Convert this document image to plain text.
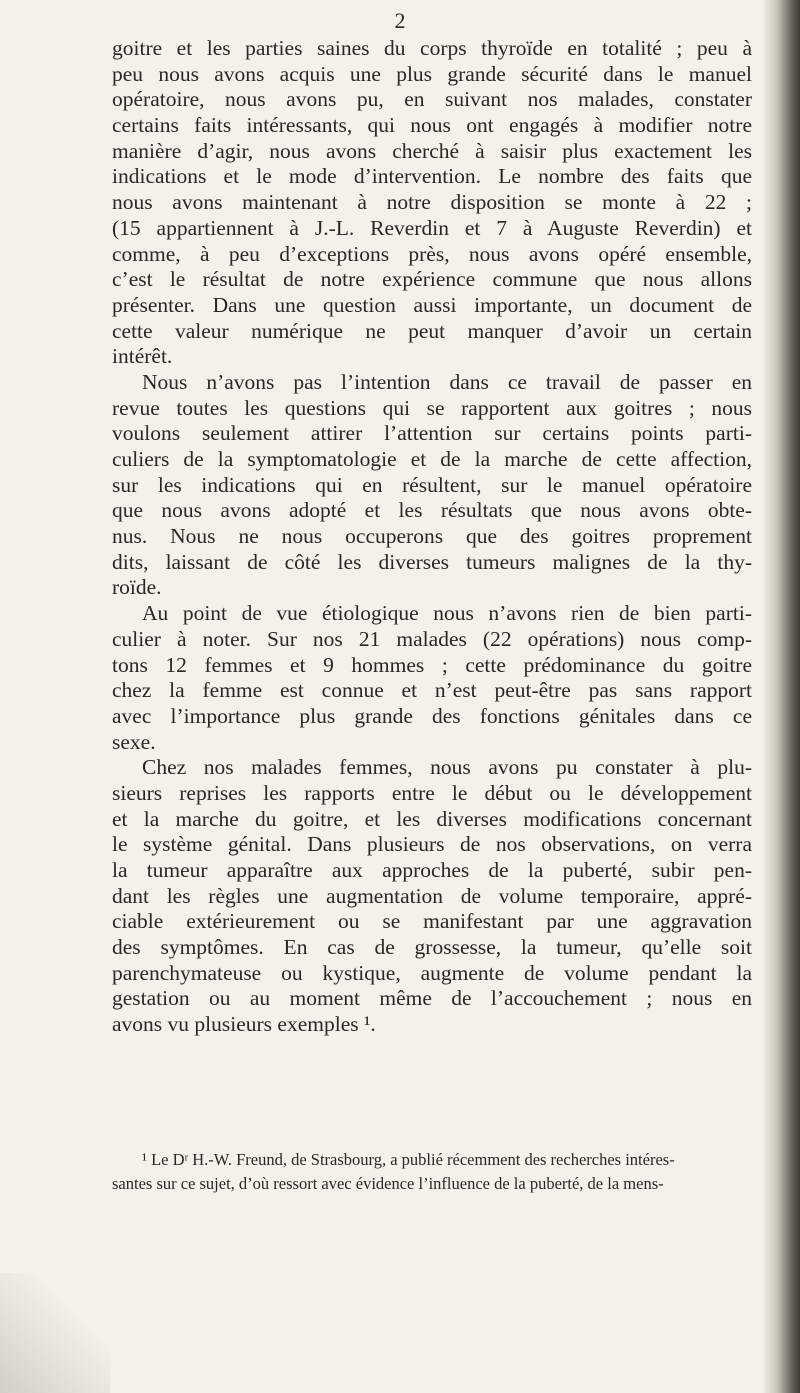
2
goitre et les parties saines du corps thyroïde en totalité ; peu à
peu nous avons acquis une plus grande sécurité dans le manuel
opératoire, nous avons pu, en suivant nos malades, constater
certains faits intéressants, qui nous ont engagés à modifier notre
manière d’agir, nous avons cherché à saisir plus exactement les
indications et le mode d’intervention. Le nombre des faits que
nous avons maintenant à notre disposition se monte à 22 ;
(15 appartiennent à J.-L. Reverdin et 7 à Auguste Reverdin) et
comme, à peu d’exceptions près, nous avons opéré ensemble,
c’est le résultat de notre expérience commune que nous allons
présenter. Dans une question aussi importante, un document de
cette valeur numérique ne peut manquer d’avoir un certain
intérêt.
Nous n’avons pas l’intention dans ce travail de passer en
revue toutes les questions qui se rapportent aux goitres ; nous
voulons seulement attirer l’attention sur certains points parti-
culiers de la symptomatologie et de la marche de cette affection,
sur les indications qui en résultent, sur le manuel opératoire
que nous avons adopté et les résultats que nous avons obte-
nus. Nous ne nous occuperons que des goitres proprement
dits, laissant de côté les diverses tumeurs malignes de la thy-
roïde.
Au point de vue étiologique nous n’avons rien de bien parti-
culier à noter. Sur nos 21 malades (22 opérations) nous comp-
tons 12 femmes et 9 hommes ; cette prédominance du goitre
chez la femme est connue et n’est peut-être pas sans rapport
avec l’importance plus grande des fonctions génitales dans ce
sexe.
Chez nos malades femmes, nous avons pu constater à plu-
sieurs reprises les rapports entre le début ou le développement
et la marche du goitre, et les diverses modifications concernant
le système génital. Dans plusieurs de nos observations, on verra
la tumeur apparaître aux approches de la puberté, subir pen-
dant les règles une augmentation de volume temporaire, appré-
ciable extérieurement ou se manifestant par une aggravation
des symptômes. En cas de grossesse, la tumeur, qu’elle soit
parenchymateuse ou kystique, augmente de volume pendant la
gestation ou au moment même de l’accouchement ; nous en
avons vu plusieurs exemples ¹.
¹ Le Dʳ H.-W. Freund, de Strasbourg, a publié récemment des recherches intéres-
santes sur ce sujet, d’où ressort avec évidence l’influence de la puberté, de la mens-
